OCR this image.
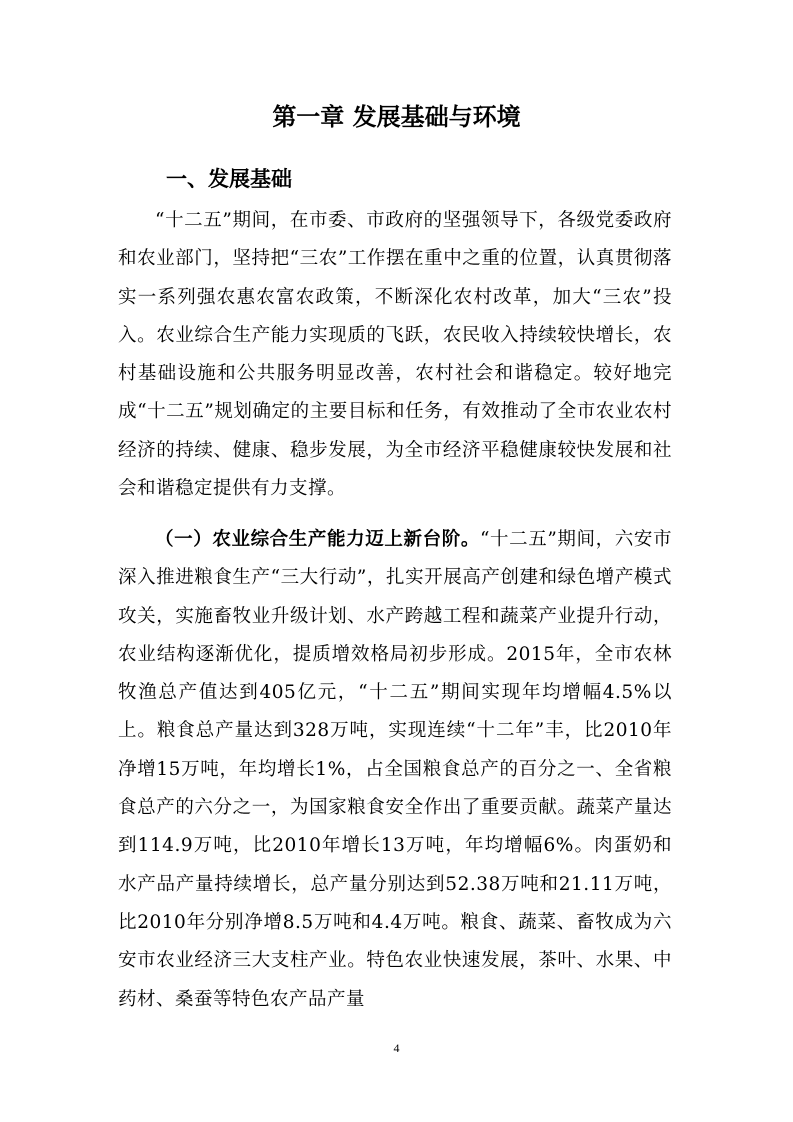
第一章 发展基础与环境
一、发展基础

“十二五”期间，在市委、市政府的坚强领导下，各级党委政府和农业部门，坚持把“三农”工作摆在重中之重的位置，认真贯彻落实一系列强农惠农富农政策，不断深化农村改革，加大“三农”投入。农业综合生产能力实现质的飞跃，农民收入持续较快增长，农村基础设施和公共服务明显改善，农村社会和谐稳定。较好地完成“十二五”规划确定的主要目标和任务，有效推动了全市农业农村经济的持续、健康、稳步发展，为全市经济平稳健康较快发展和社会和谐稳定提供有力支撑。

（一）农业综合生产能力迈上新台阶。“十二五”期间，六安市深入推进粮食生产“三大行动”，扎实开展高产创建和绿色增产模式攻关，实施畜牧业升级计划、水产跨越工程和蔬菜产业提升行动，农业结构逐渐优化，提质增效格局初步形成。2015年，全市农林牧渔总产值达到405亿元，“十二五”期间实现年均增幅4.5%以上。粮食总产量达到328万吨，实现连续“十二年”丰，比2010年净增15万吨，年均增长1%，占全国粮食总产的百分之一、全省粮食总产的六分之一，为国家粮食安全作出了重要贡献。蔬菜产量达到114.9万吨，比2010年增长13万吨，年均增幅6%。肉蛋奶和水产品产量持续增长，总产量分别达到52.38万吨和21.11万吨，比2010年分别净增8.5万吨和4.4万吨。粮食、蔬菜、畜牧成为六安市农业经济三大支柱产业。特色农业快速发展，茶叶、水果、中药材、桑蚕等特色农产品产量

4
